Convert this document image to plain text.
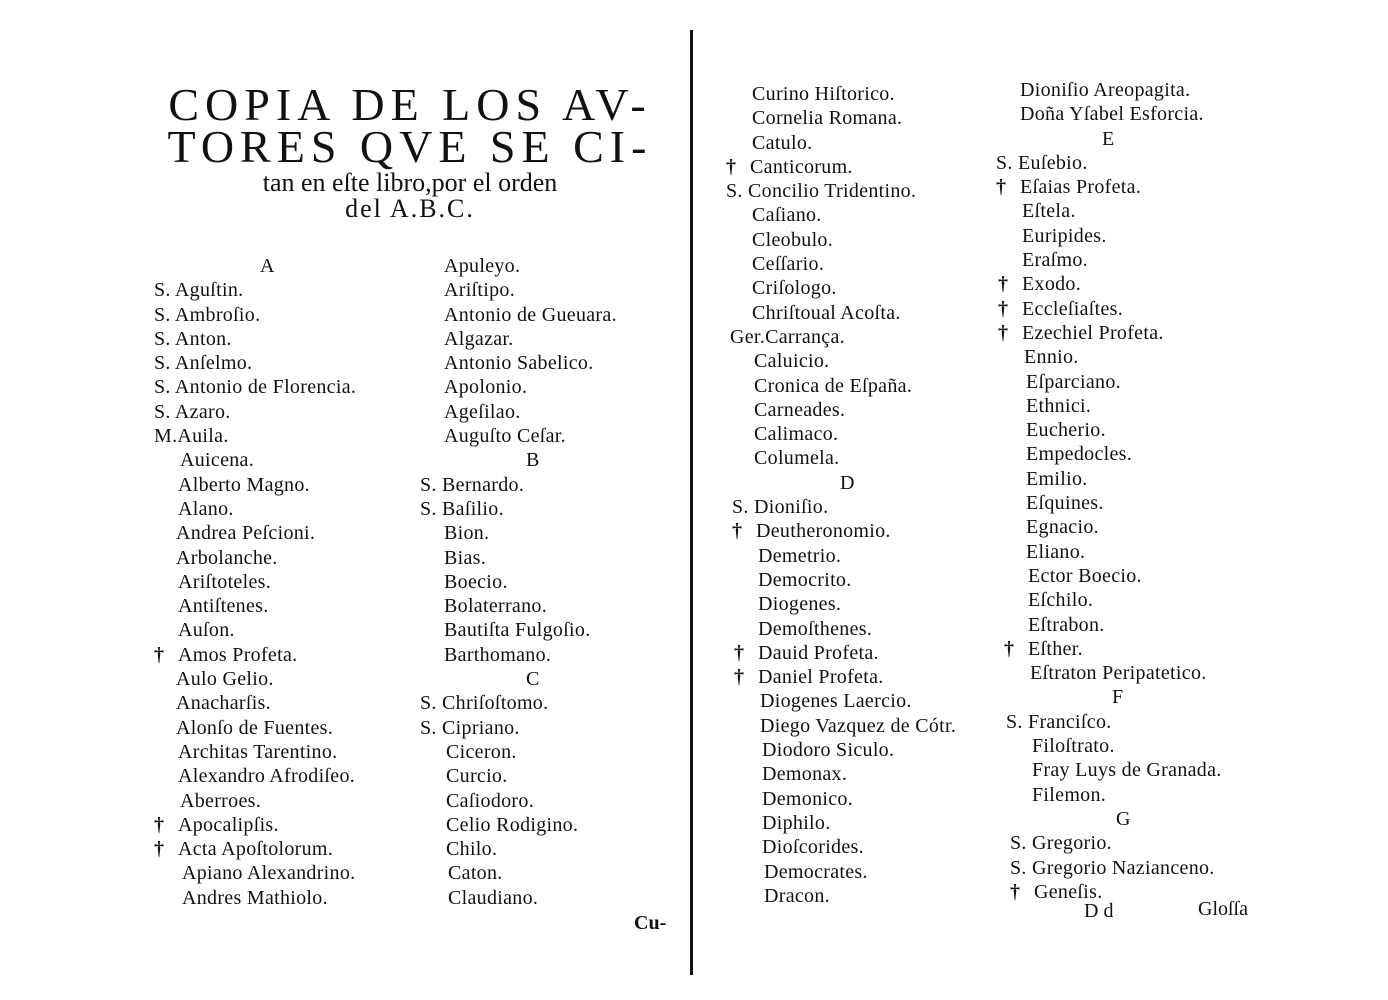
COPIA DE LOS AV-
TORES QVE SE CI-
tan en eſte libro,por el orden
del A.B.C.
A
S. Aguſtin.
S. Ambroſio.
S. Anton.
S. Anſelmo.
S. Antonio de Florencia.
S. Azaro.
M.Auila.
Auicena.
Alberto Magno.
Alano.
Andrea Peſcioni.
Arbolanche.
Ariſtoteles.
Antiſtenes.
Auſon.
† Amos Profeta.
Aulo Gelio.
Anacharſis.
Alonſo de Fuentes.
Architas Tarentino.
Alexandro Afrodiſeo.
Aberroes.
† Apocalipſis.
† Acta Apoſtolorum.
Apiano Alexandrino.
Andres Mathiolo.
Apuleyo.
Ariſtipo.
Antonio de Gueuara.
Algazar.
Antonio Sabelico.
Apolonio.
Ageſilao.
Auguſto Ceſar.
B
S. Bernardo.
S. Baſilio.
Bion.
Bias.
Boecio.
Bolaterrano.
Bautiſta Fulgoſio.
Barthomano.
C
S. Chriſoſtomo.
S. Cipriano.
Ciceron.
Curcio.
Caſiodoro.
Celio Rodigino.
Chilo.
Caton.
Claudiano.
Curino Hiſtorico.
Cornelia Romana.
Catulo.
† Canticorum.
S. Concilio Tridentino.
Caſiano.
Cleobulo.
Ceſſario.
Criſologo.
Chriſtoual Acoſta.
Ger.Carrança.
Caluicio.
Cronica de Eſpaña.
Carneades.
Calimaco.
Columela.
D
S. Dioniſio.
† Deutheronomio.
Demetrio.
Democrito.
Diogenes.
Demoſthenes.
† Dauid Profeta.
† Daniel Profeta.
Diogenes Laercio.
Diego Vazquez de Cótr.
Diodoro Siculo.
Demonax.
Demonico.
Diphilo.
Dioſcorides.
Democrates.
Dracon.
Dioniſio Areopagita.
Doña Yſabel Esforcia.
E
S. Euſebio.
† Eſaias Profeta.
Eſtela.
Euripides.
Eraſmo.
† Exodo.
† Eccleſiaſtes.
† Ezechiel Profeta.
Ennio.
Eſparciano.
Ethnici.
Eucherio.
Empedocles.
Emilio.
Eſquines.
Egnacio.
Eliano.
Ector Boecio.
Eſchilo.
Eſtrabon.
† Eſther.
Eſtraton Peripatetico.
F
S. Franciſco.
Filoſtrato.
Fray Luys de Granada.
Filemon.
G
S. Gregorio.
S. Gregorio Nazianceno.
† Geneſis.
Cu-
D d	Gloſſa
